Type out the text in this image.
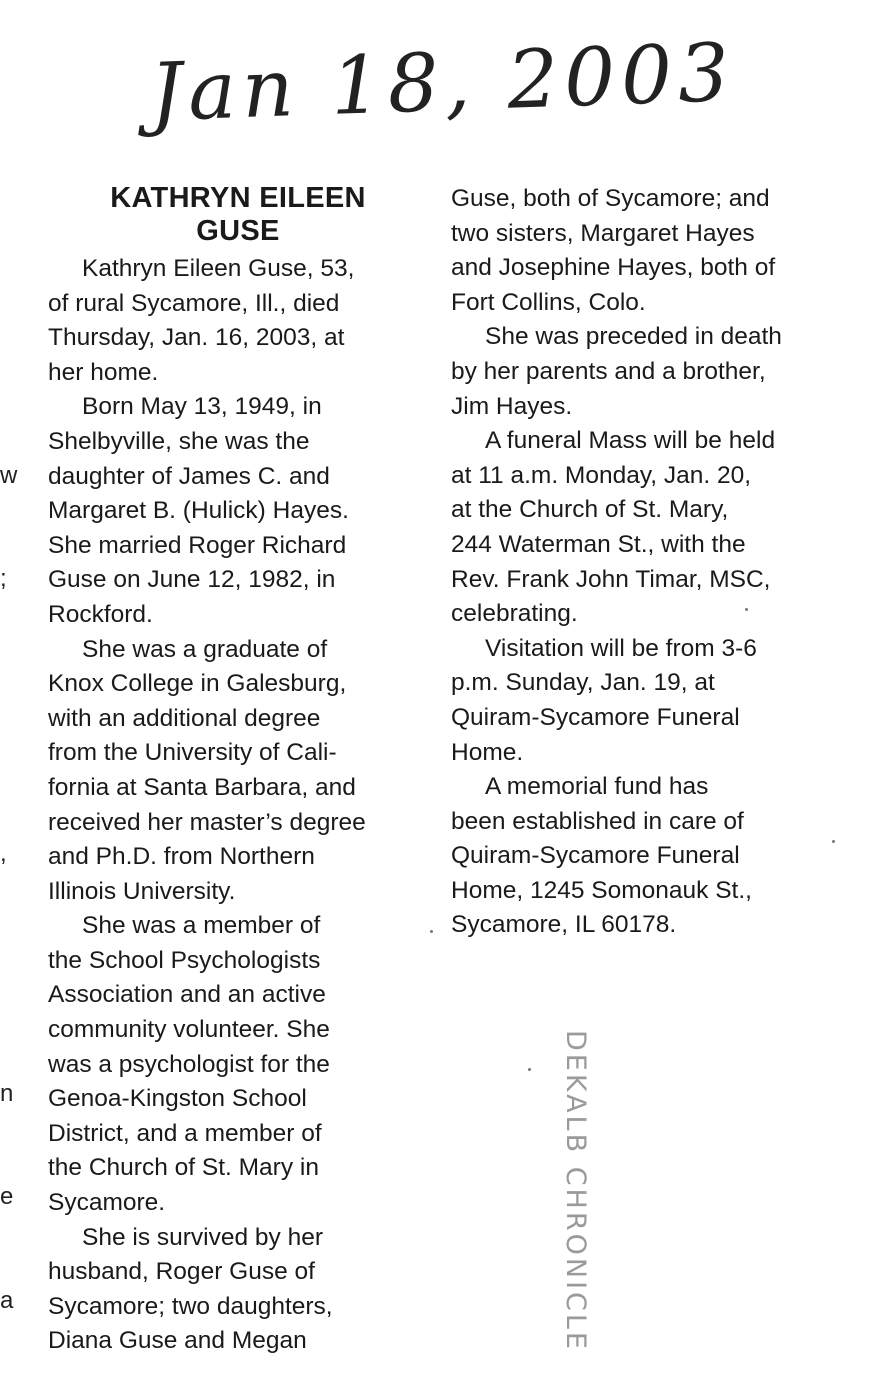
Jan 18, 2003
KATHRYN EILEEN
GUSE
Kathryn Eileen Guse, 53,
of rural Sycamore, Ill., died
Thursday, Jan. 16, 2003, at
her home.
Born May 13, 1949, in
Shelbyville, she was the
daughter of James C. and
Margaret B. (Hulick) Hayes.
She married Roger Richard
Guse on June 12, 1982, in
Rockford.
She was a graduate of
Knox College in Galesburg,
with an additional degree
from the University of Cali-
fornia at Santa Barbara, and
received her master’s degree
and Ph.D. from Northern
Illinois University.
She was a member of
the School Psychologists
Association and an active
community volunteer. She
was a psychologist for the
Genoa-Kingston School
District, and a member of
the Church of St. Mary in
Sycamore.
She is survived by her
husband, Roger Guse of
Sycamore; two daughters,
Diana Guse and Megan
Guse, both of Sycamore; and
two sisters, Margaret Hayes
and Josephine Hayes, both of
Fort Collins, Colo.
She was preceded in death
by her parents and a brother,
Jim Hayes.
A funeral Mass will be held
at 11 a.m. Monday, Jan. 20,
at the Church of St. Mary,
244 Waterman St., with the
Rev. Frank John Timar, MSC,
celebrating.
Visitation will be from 3-6
p.m. Sunday, Jan. 19, at
Quiram-Sycamore Funeral
Home.
A memorial fund has
been established in care of
Quiram-Sycamore Funeral
Home, 1245 Somonauk St.,
Sycamore, IL 60178.
DEKALB CHRONICLE
w
;
,
n
e
a
